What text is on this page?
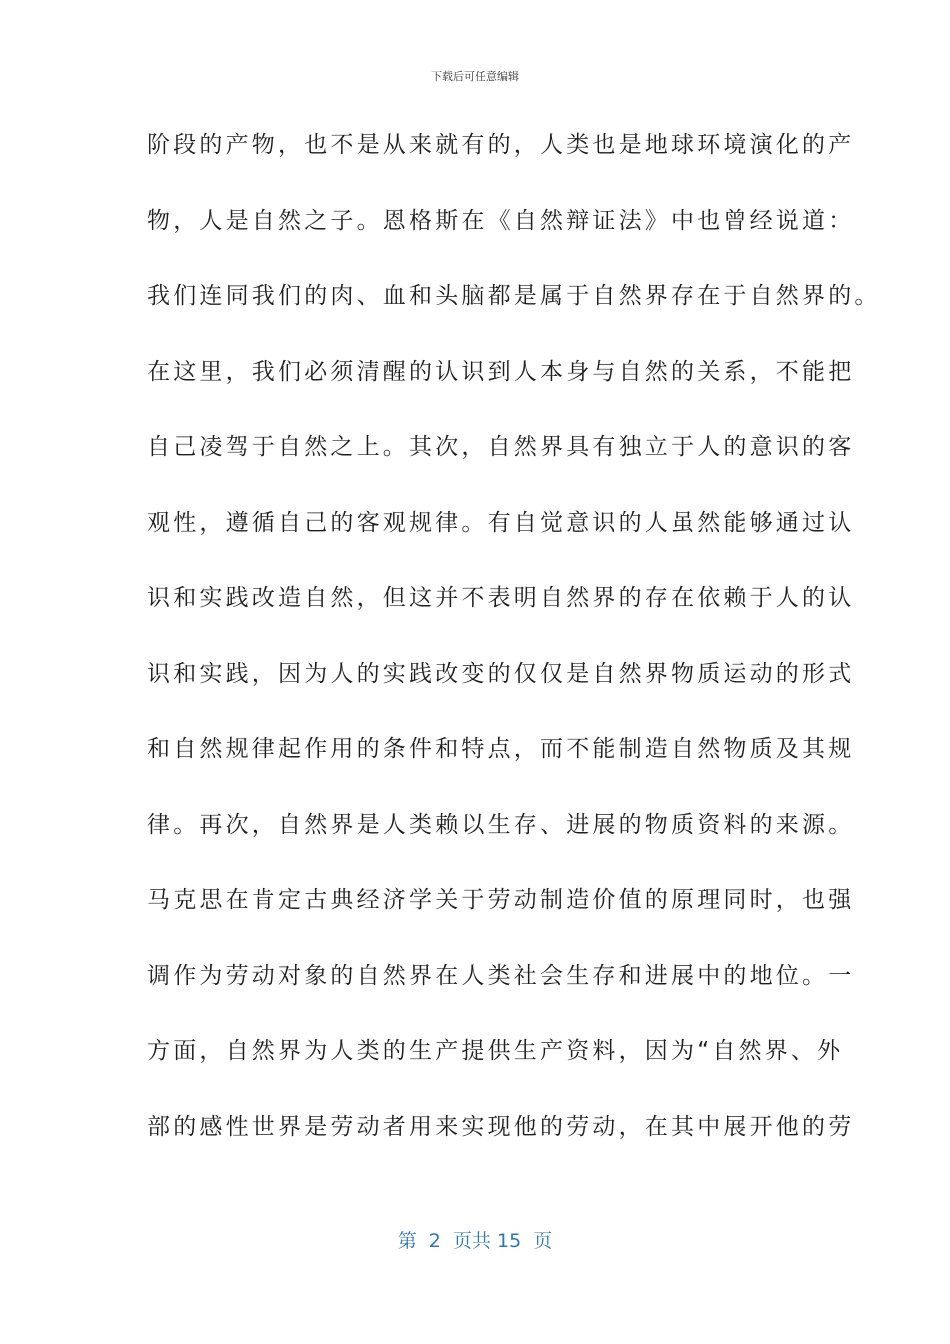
下载后可任意编辑
阶段的产物，也不是从来就有的，人类也是地球环境演化的产
物，人是自然之子。恩格斯在《自然辩证法》中也曾经说道：
我们连同我们的肉、血和头脑都是属于自然界存在于自然界的。
在这里，我们必须清醒的认识到人本身与自然的关系，不能把
自己凌驾于自然之上。其次，自然界具有独立于人的意识的客
观性，遵循自己的客观规律。有自觉意识的人虽然能够通过认
识和实践改造自然，但这并不表明自然界的存在依赖于人的认
识和实践，因为人的实践改变的仅仅是自然界物质运动的形式
和自然规律起作用的条件和特点，而不能制造自然物质及其规
律。再次，自然界是人类赖以生存、进展的物质资料的来源。
马克思在肯定古典经济学关于劳动制造价值的原理同时，也强
调作为劳动对象的自然界在人类社会生存和进展中的地位。一
方面，自然界为人类的生产提供生产资料，因为“自然界、外
部的感性世界是劳动者用来实现他的劳动，在其中展开他的劳
第  2  页共 15  页
